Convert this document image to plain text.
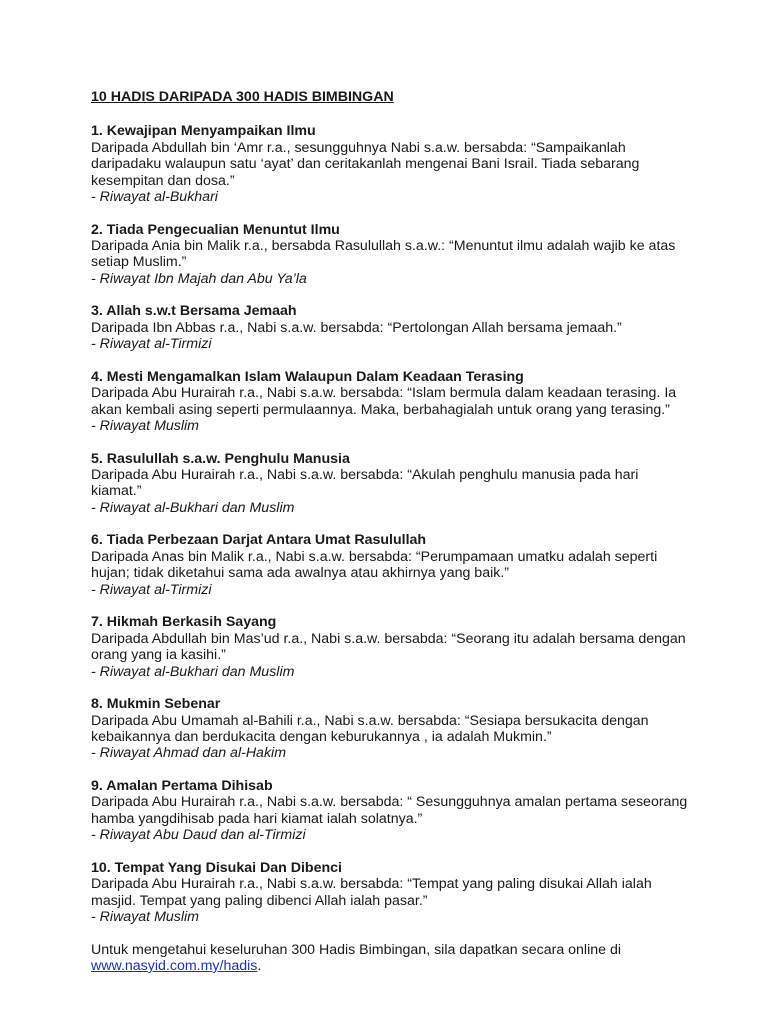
10 HADIS DARIPADA 300 HADIS BIMBINGAN
1. Kewajipan Menyampaikan Ilmu
Daripada Abdullah bin ‘Amr r.a., sesungguhnya Nabi s.a.w. bersabda: “Sampaikanlah daripadaku walaupun satu ‘ayat’ dan ceritakanlah mengenai Bani Israil. Tiada sebarang kesempitan dan dosa.”
- Riwayat al-Bukhari
2. Tiada Pengecualian Menuntut Ilmu
Daripada Ania bin Malik r.a., bersabda Rasulullah s.a.w.: “Menuntut ilmu adalah wajib ke atas setiap Muslim.”
- Riwayat Ibn Majah dan Abu Ya’la
3. Allah s.w.t Bersama Jemaah
Daripada Ibn Abbas r.a., Nabi s.a.w. bersabda: “Pertolongan Allah bersama jemaah.”
- Riwayat al-Tirmizi
4. Mesti Mengamalkan Islam Walaupun Dalam Keadaan Terasing
Daripada Abu Hurairah r.a., Nabi s.a.w. bersabda: “Islam bermula dalam keadaan terasing. Ia akan kembali asing seperti permulaannya. Maka, berbahagialah untuk orang yang terasing.”
- Riwayat Muslim
5. Rasulullah s.a.w. Penghulu Manusia
Daripada Abu Hurairah r.a., Nabi s.a.w. bersabda: “Akulah penghulu manusia pada hari kiamat.”
- Riwayat al-Bukhari dan Muslim
6. Tiada Perbezaan Darjat Antara Umat Rasulullah
Daripada Anas bin Malik r.a., Nabi s.a.w. bersabda: “Perumpamaan umatku adalah seperti hujan; tidak diketahui sama ada awalnya atau akhirnya yang baik.”
- Riwayat al-Tirmizi
7. Hikmah Berkasih Sayang
Daripada Abdullah bin Mas’ud r.a., Nabi s.a.w. bersabda: “Seorang itu adalah bersama dengan orang yang ia kasihi.”
- Riwayat al-Bukhari dan Muslim
8. Mukmin Sebenar
Daripada Abu Umamah al-Bahili r.a., Nabi s.a.w. bersabda: “Sesiapa bersukacita dengan kebaikannya dan berdukacita dengan keburukannya , ia adalah Mukmin.”
- Riwayat Ahmad dan al-Hakim
9. Amalan Pertama Dihisab
Daripada Abu Hurairah r.a., Nabi s.a.w. bersabda: “ Sesungguhnya amalan pertama seseorang hamba yangdihisab pada hari kiamat ialah solatnya.”
- Riwayat Abu Daud dan al-Tirmizi
10. Tempat Yang Disukai Dan Dibenci
Daripada Abu Hurairah r.a., Nabi s.a.w. bersabda: “Tempat yang paling disukai Allah ialah masjid. Tempat yang paling dibenci Allah ialah pasar.”
- Riwayat Muslim
Untuk mengetahui keseluruhan 300 Hadis Bimbingan, sila dapatkan secara online di
www.nasyid.com.my/hadis.
